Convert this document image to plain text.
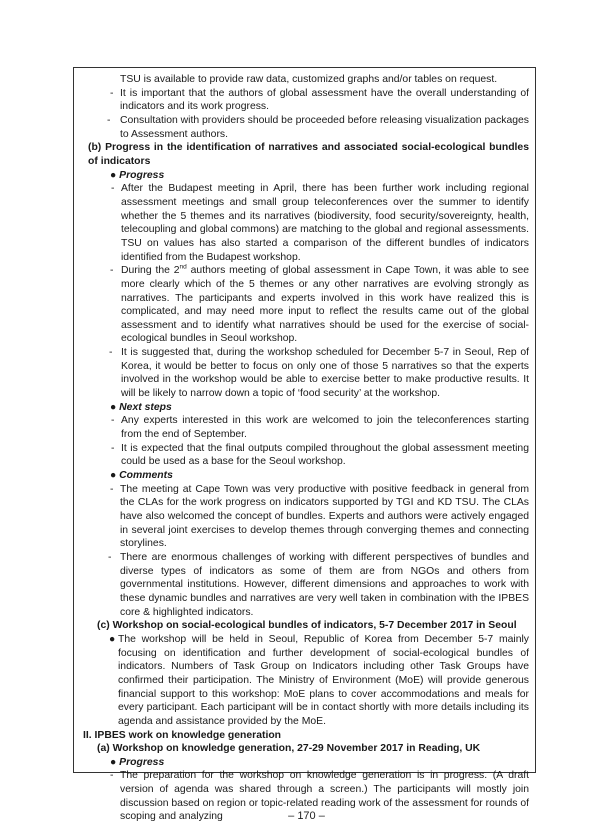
TSU is available to provide raw data, customized graphs and/or tables on request.

- It is important that the authors of global assessment have the overall understanding of indicators and its work progress.
- Consultation with providers should be proceeded before releasing visualization packages to Assessment authors.
(b) Progress in the identification of narratives and associated social-ecological bundles of indicators
● Progress
- After the Budapest meeting in April, there has been further work including regional assessment meetings and small group teleconferences over the summer to identify whether the 5 themes and its narratives (biodiversity, food security/sovereignty, health, telecoupling and global commons) are matching to the global and regional assessments. TSU on values has also started a comparison of the different bundles of indicators identified from the Budapest workshop.
- During the 2nd authors meeting of global assessment in Cape Town, it was able to see more clearly which of the 5 themes or any other narratives are evolving strongly as narratives. The participants and experts involved in this work have realized this is complicated, and may need more input to reflect the results came out of the global assessment and to identify what narratives should be used for the exercise of social-ecological bundles in Seoul workshop.
- It is suggested that, during the workshop scheduled for December 5-7 in Seoul, Rep of Korea, it would be better to focus on only one of those 5 narratives so that the experts involved in the workshop would be able to exercise better to make productive results. It will be likely to narrow down a topic of ‘food security’ at the workshop.
● Next steps
- Any experts interested in this work are welcomed to join the teleconferences starting from the end of September.
- It is expected that the final outputs compiled throughout the global assessment meeting could be used as a base for the Seoul workshop.
● Comments
- The meeting at Cape Town was very productive with positive feedback in general from the CLAs for the work progress on indicators supported by TGI and KD TSU. The CLAs have also welcomed the concept of bundles. Experts and authors were actively engaged in several joint exercises to develop themes through converging themes and connecting storylines.
- There are enormous challenges of working with different perspectives of bundles and diverse types of indicators as some of them are from NGOs and others from governmental institutions. However, different dimensions and approaches to work with these dynamic bundles and narratives are very well taken in combination with the IPBES core & highlighted indicators.
(c) Workshop on social-ecological bundles of indicators, 5-7 December 2017 in Seoul
● The workshop will be held in Seoul, Republic of Korea from December 5-7 mainly focusing on identification and further development of social-ecological bundles of indicators. Numbers of Task Group on Indicators including other Task Groups have confirmed their participation. The Ministry of Environment (MoE) will provide generous financial support to this workshop: MoE plans to cover accommodations and meals for every participant. Each participant will be in contact shortly with more details including its agenda and assistance provided by the MoE.
II. IPBES work on knowledge generation
(a) Workshop on knowledge generation, 27-29 November 2017 in Reading, UK
● Progress
- The preparation for the workshop on knowledge generation is in progress. (A draft version of agenda was shared through a screen.) The participants will mostly join discussion based on region or topic-related reading work of the assessment for rounds of scoping and analyzing	– 170 –
